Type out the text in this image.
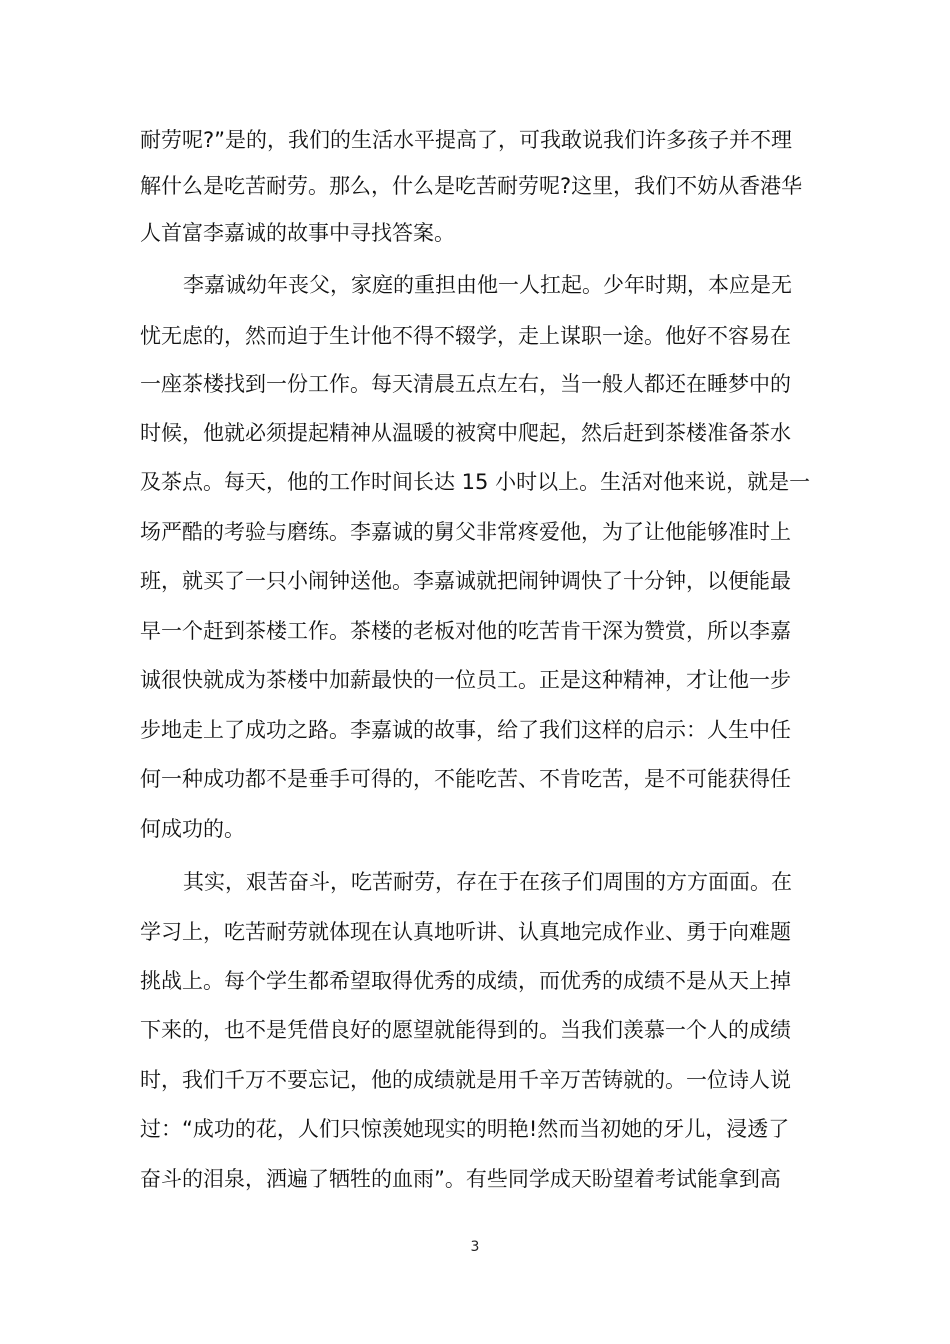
耐劳呢?”是的，我们的生活水平提高了，可我敢说我们许多孩子并不理
解什么是吃苦耐劳。那么，什么是吃苦耐劳呢?这里，我们不妨从香港华
人首富李嘉诚的故事中寻找答案。
李嘉诚幼年丧父，家庭的重担由他一人扛起。少年时期，本应是无
忧无虑的，然而迫于生计他不得不辍学，走上谋职一途。他好不容易在
一座茶楼找到一份工作。每天清晨五点左右，当一般人都还在睡梦中的
时候，他就必须提起精神从温暖的被窝中爬起，然后赶到茶楼准备茶水
及茶点。每天，他的工作时间长达 15 小时以上。生活对他来说，就是一
场严酷的考验与磨练。李嘉诚的舅父非常疼爱他，为了让他能够准时上
班，就买了一只小闹钟送他。李嘉诚就把闹钟调快了十分钟，以便能最
早一个赶到茶楼工作。茶楼的老板对他的吃苦肯干深为赞赏，所以李嘉
诚很快就成为茶楼中加薪最快的一位员工。正是这种精神，才让他一步
步地走上了成功之路。李嘉诚的故事，给了我们这样的启示：人生中任
何一种成功都不是垂手可得的，不能吃苦、不肯吃苦，是不可能获得任
何成功的。
其实，艰苦奋斗，吃苦耐劳，存在于在孩子们周围的方方面面。在
学习上，吃苦耐劳就体现在认真地听讲、认真地完成作业、勇于向难题
挑战上。每个学生都希望取得优秀的成绩，而优秀的成绩不是从天上掉
下来的，也不是凭借良好的愿望就能得到的。当我们羡慕一个人的成绩
时，我们千万不要忘记，他的成绩就是用千辛万苦铸就的。一位诗人说
过：“成功的花，人们只惊羡她现实的明艳!然而当初她的牙儿，浸透了
奋斗的泪泉，洒遍了牺牲的血雨”。有些同学成天盼望着考试能拿到高
3
